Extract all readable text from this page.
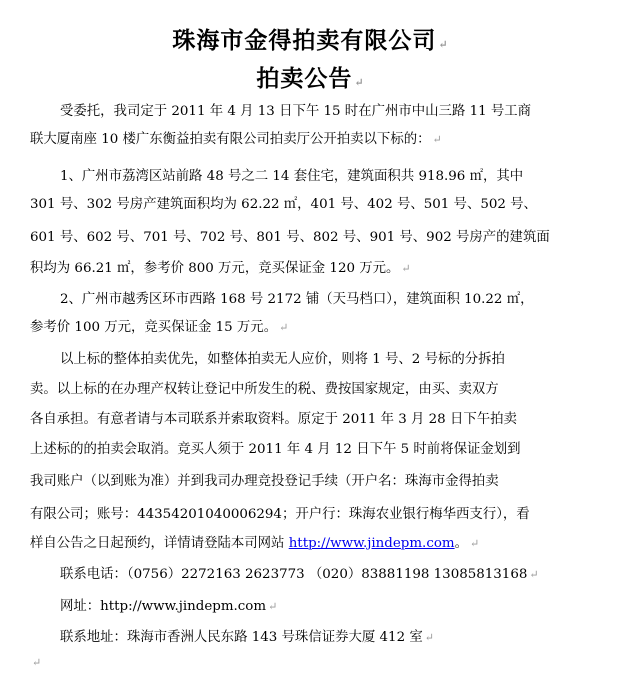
珠海市金得拍卖有限公司 ↵
拍卖公告 ↵
受委托，我司定于 2011 年 4 月 13 日下午 15 时在广州市中山三路 11 号工商
联大厦南座 10 楼广东衡益拍卖有限公司拍卖厅公开拍卖以下标的： ↵
1、广州市荔湾区站前路 48 号之二 14 套住宅，建筑面积共 918.96 ㎡，其中
301 号、302 号房产建筑面积均为 62.22 ㎡，401 号、402 号、501 号、502 号、
601 号、602 号、701 号、702 号、801 号、802 号、901 号、902 号房产的建筑面
积均为 66.21 ㎡，参考价 800 万元，竞买保证金 120 万元。 ↵
2、广州市越秀区环市西路 168 号 2172 铺（天马档口），建筑面积 10.22 ㎡，
参考价 100 万元，竞买保证金 15 万元。 ↵
以上标的整体拍卖优先，如整体拍卖无人应价，则将 1 号、2 号标的分拆拍
卖。以上标的在办理产权转让登记中所发生的税、费按国家规定，由买、卖双方
各自承担。有意者请与本司联系并索取资料。原定于 2011 年 3 月 28 日下午拍卖
上述标的的拍卖会取消。竞买人须于 2011 年 4 月 12 日下午 5 时前将保证金划到
我司账户（以到账为准）并到我司办理竞投登记手续（开户名：珠海市金得拍卖
有限公司；账号：44354201040006294；开户行：珠海农业银行梅华西支行），看
样自公告之日起预约，详情请登陆本司网站 http://www.jindepm.com。 ↵
联系电话：（0756）2272163 2623773 （020）83881198 13085813168 ↵
网址：http://www.jindepm.com ↵
联系地址：珠海市香洲人民东路 143 号珠信证券大厦 412 室 ↵
↵
